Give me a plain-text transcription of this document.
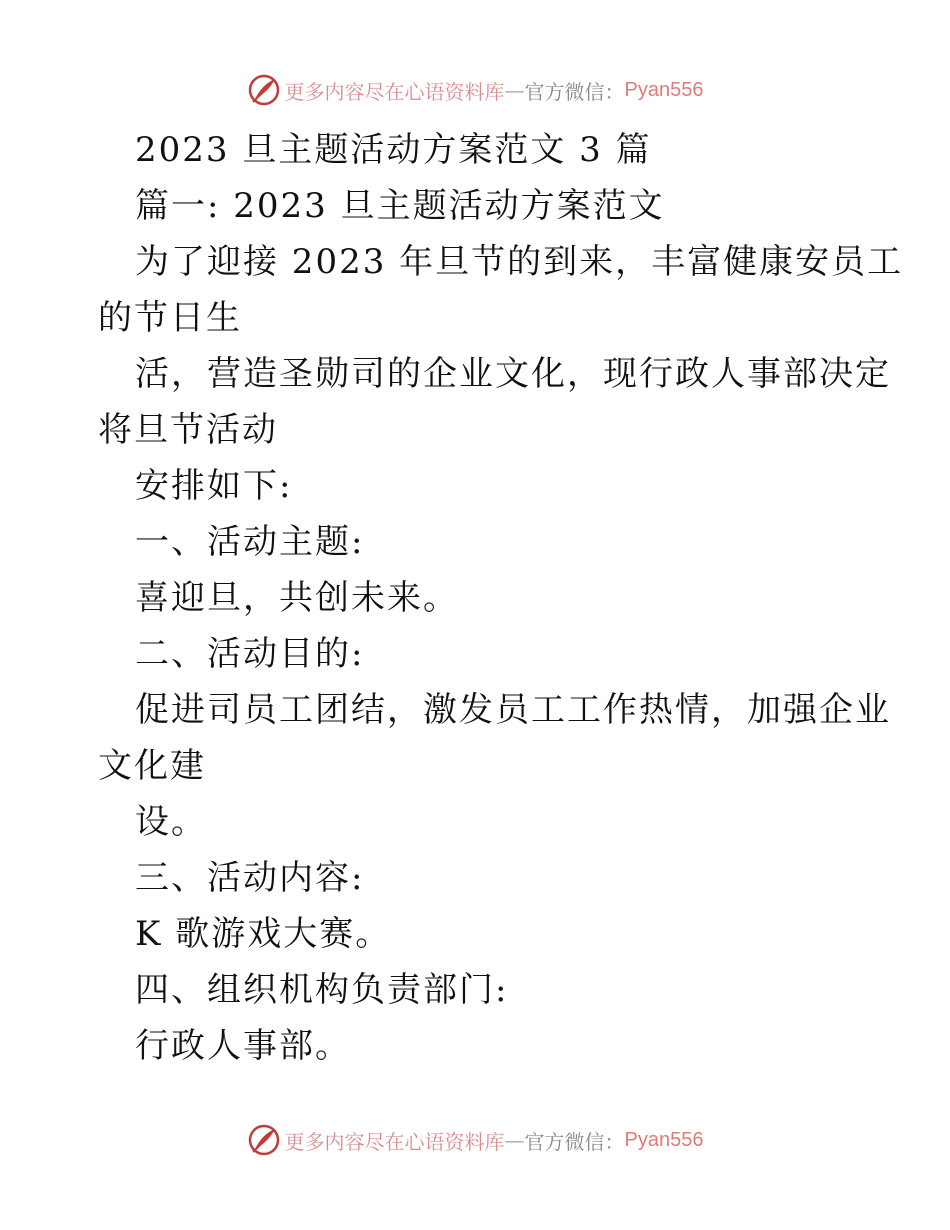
更多内容尽在心语资料库 — 官方微信： Pyan556
2023 旦主题活动方案范文 3 篇
篇一: 2023 旦主题活动方案范文
为了迎接 2023 年旦节的到来，丰富健康安员工
的节日生
活，营造圣勋司的企业文化，现行政人事部决定
将旦节活动
安排如下:
一、活动主题:
喜迎旦，共创未来。
二、活动目的:
促进司员工团结，激发员工工作热情，加强企业
文化建
设。
三、活动内容:
K 歌游戏大赛。
四、组织机构负责部门:
行政人事部。
更多内容尽在心语资料库 — 官方微信： Pyan556
